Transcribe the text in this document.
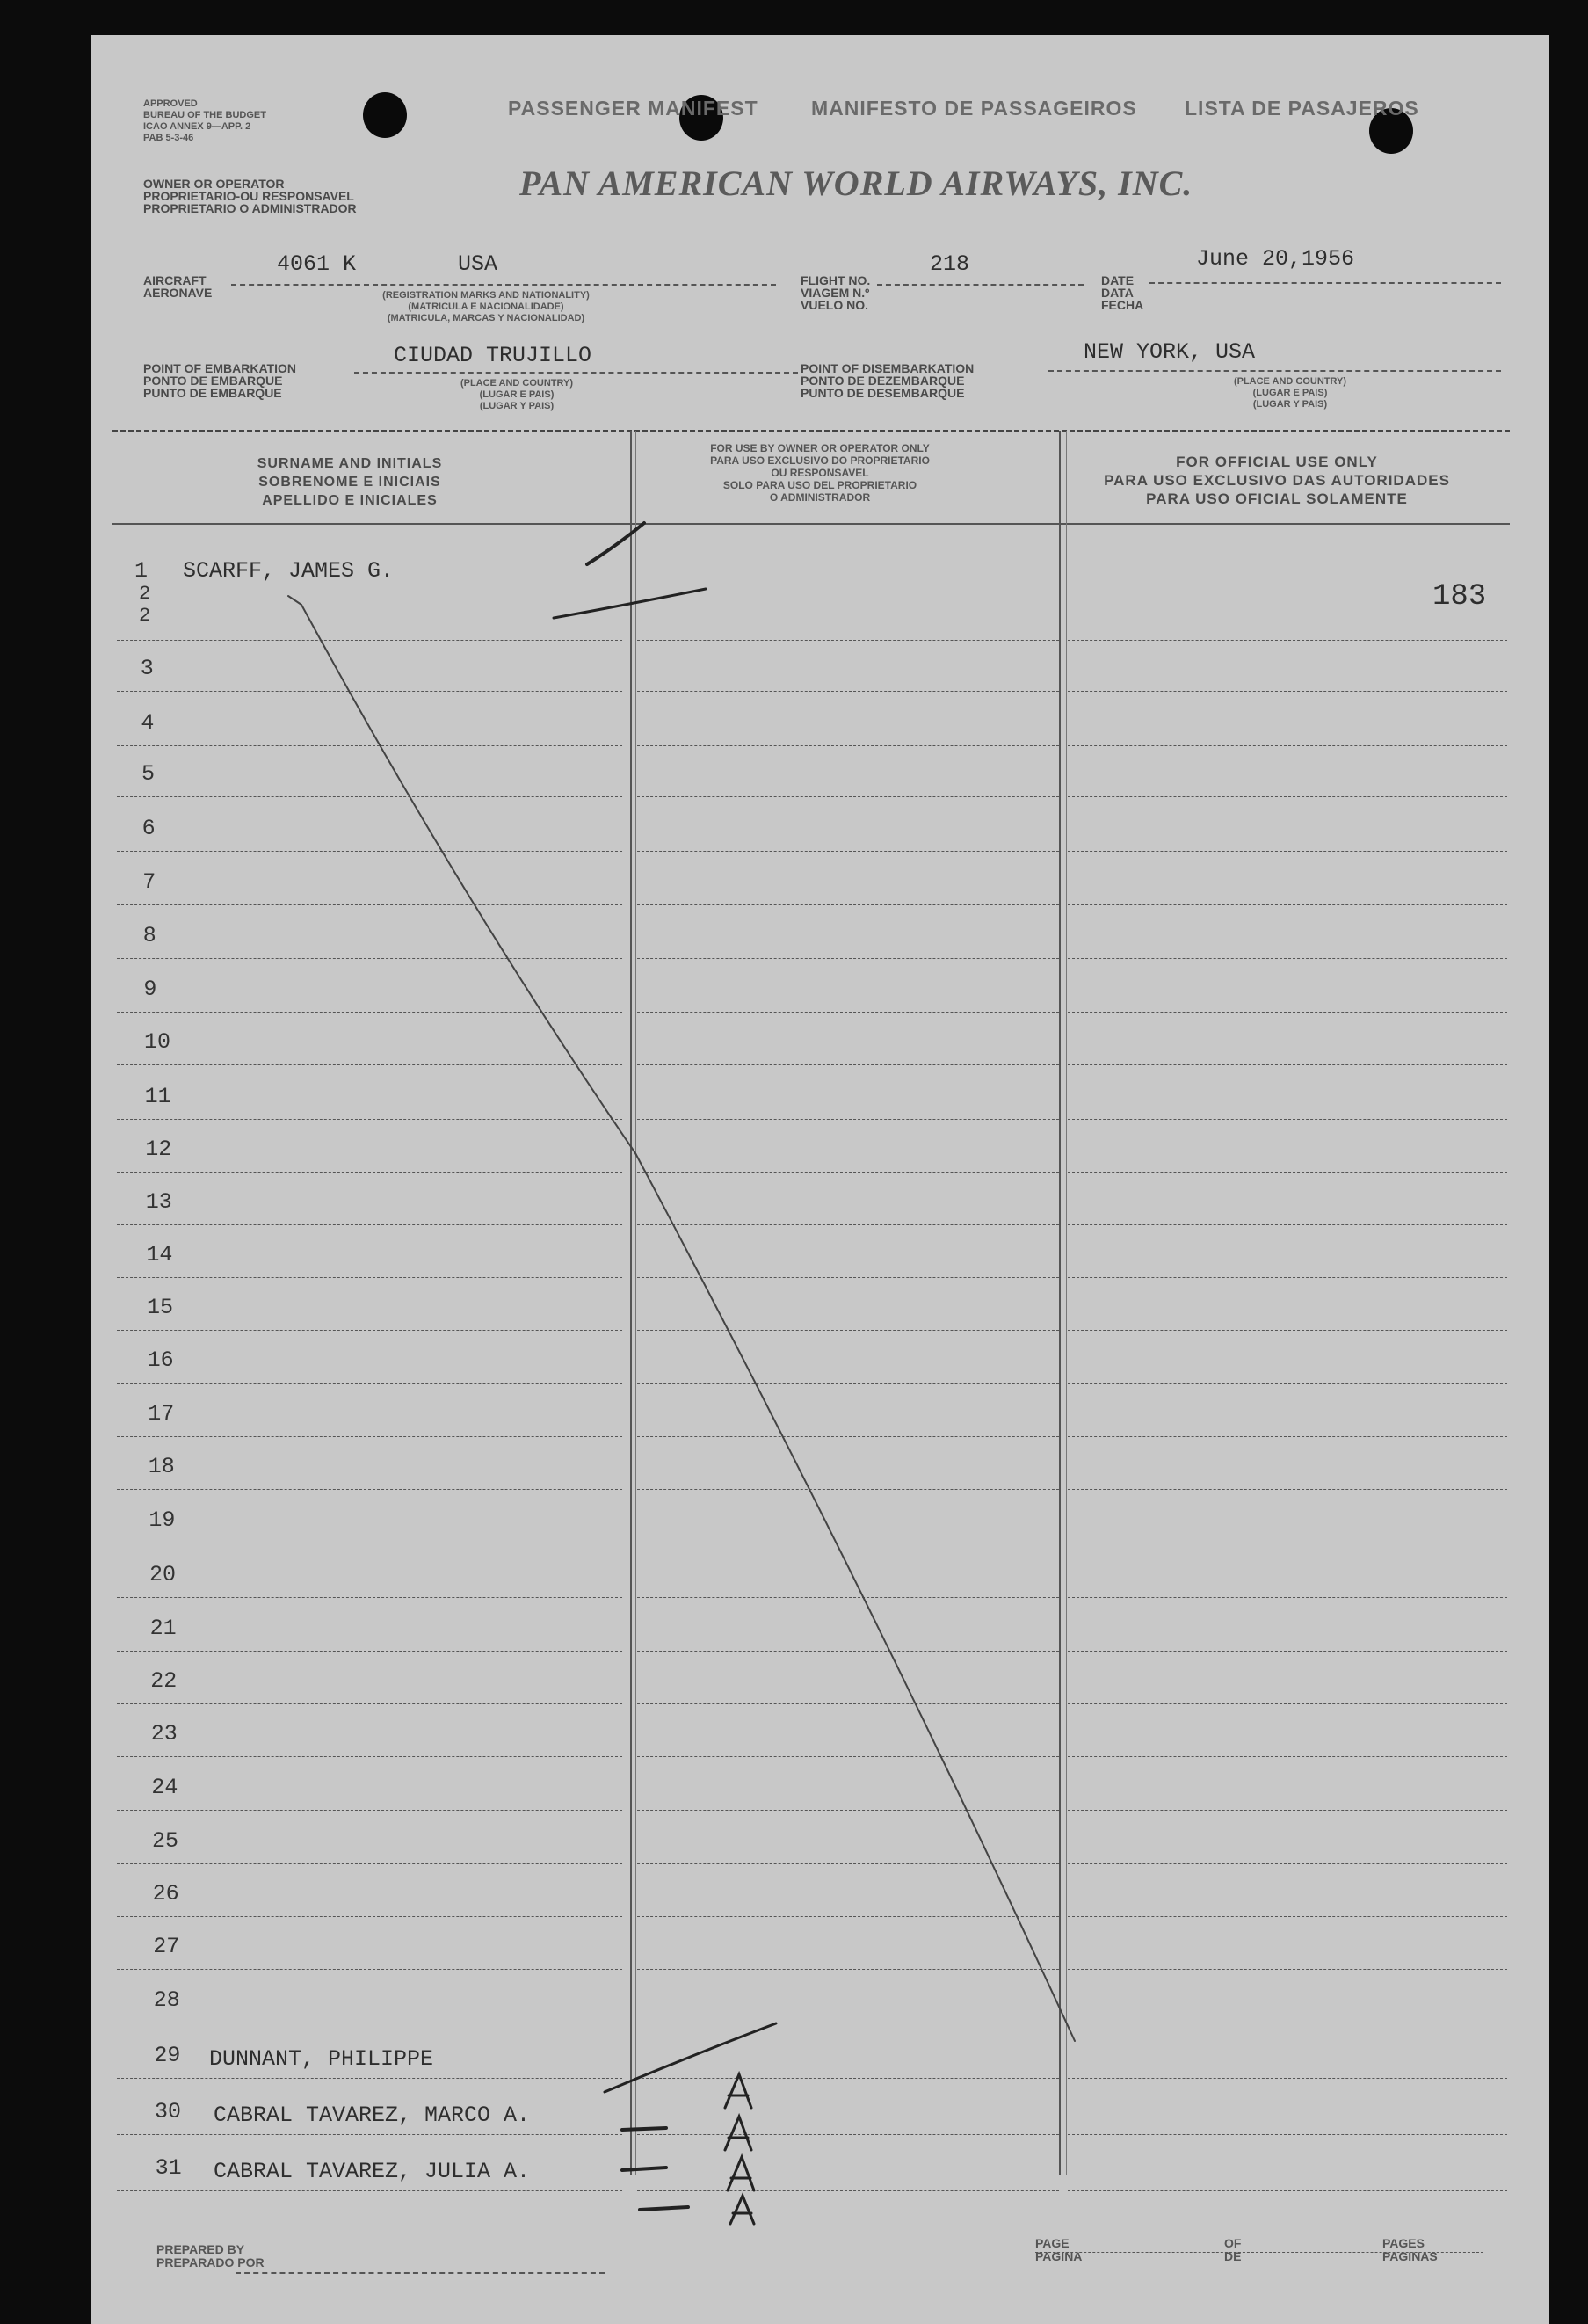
APPROVED
BUREAU OF THE BUDGET
ICAO ANNEX 9—APP. 2
PAB 5-3-46
PASSENGER MANIFEST	MANIFESTO DE PASSAGEIROS LISTA DE PASAJEROS
OWNER OR OPERATOR
PROPRIETARIO-OU RESPONSAVEL
PROPRIETARIO O ADMINISTRADOR
PAN AMERICAN WORLD AIRWAYS, INC.
AIRCRAFT
AERONAVE
4061 K	USA
(REGISTRATION MARKS AND NATIONALITY)
(MATRICULA E NACIONALIDADE)
(MATRICULA, MARCAS Y NACIONALIDAD)
FLIGHT NO.
VIAGEM N.º
VUELO NO.
218
DATE
DATA
FECHA
June 20,1956
POINT OF EMBARKATION
PONTO DE EMBARQUE
PUNTO DE EMBARQUE
CIUDAD TRUJILLO
(PLACE AND COUNTRY)
(LUGAR E PAIS)
(LUGAR Y PAIS)
POINT OF DISEMBARKATION
PONTO DE DEZEMBARQUE
PUNTO DE DESEMBARQUE
NEW YORK, USA
(PLACE AND COUNTRY)
(LUGAR E PAIS)
(LUGAR Y PAIS)
SURNAME AND INITIALS
SOBRENOME E INICIAIS
APELLIDO E INICIALES
FOR USE BY OWNER OR OPERATOR ONLY
PARA USO EXCLUSIVO DO PROPRIETARIO
OU RESPONSAVEL
SOLO PARA USO DEL PROPRIETARIO
O ADMINISTRADOR
FOR OFFICIAL USE ONLY
PARA USO EXCLUSIVO DAS AUTORIDADES
PARA USO OFICIAL SOLAMENTE
183
1 SCARFF, JAMES G.
2
2
3
4
5
6
7
8
9
10
11
12
13
14
15
16
17
18
19
20
21
22
23
24
25
26
27
28
29 DUNNANT, PHILIPPE
30 CABRAL TAVAREZ, MARCO A.
31 CABRAL TAVAREZ, JULIA A.
PREPARED BY
PREPARADO POR
PAGE
PAGINA
OF
DE
PAGES
PAGINAS
